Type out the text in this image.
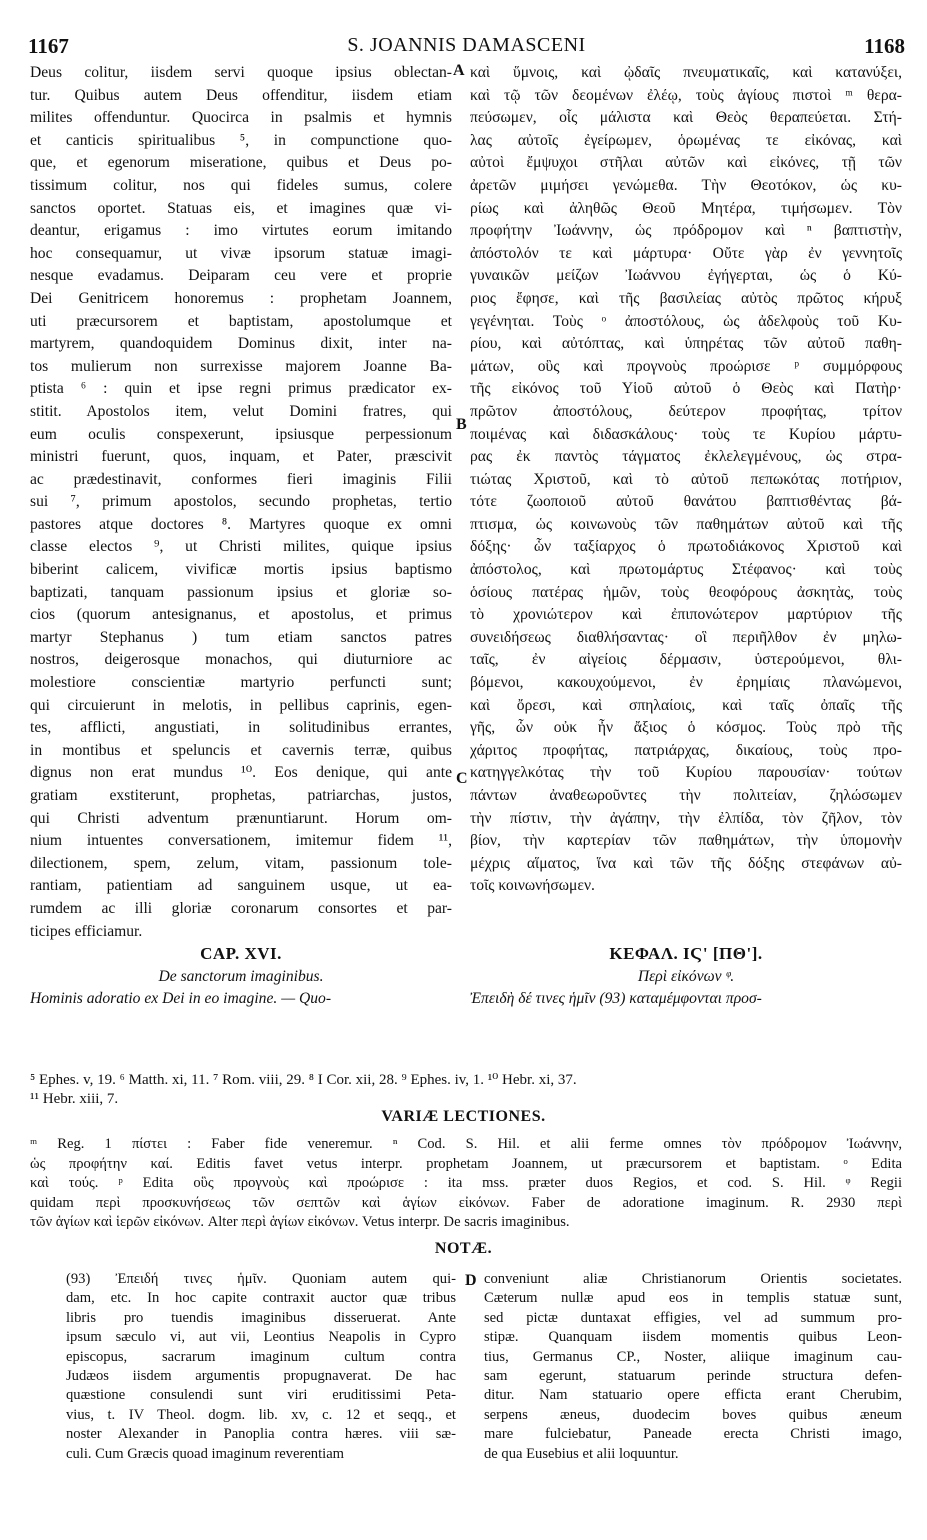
1167	S. JOANNIS DAMASCENI	1168
Deus colitur, iisdem servi quoque ipsius oblectan-
tur. Quibus autem Deus offenditur, iisdem etiam
milites offenduntur. Quocirca in psalmis et hymnis
et canticis spiritualibus ⁵, in compunctione quo-
que, et egenorum miseratione, quibus et Deus po-
tissimum colitur, nos qui fideles sumus, colere
sanctos oportet. Statuas eis, et imagines quæ vi-
deantur, erigamus : imo virtutes eorum imitando
hoc consequamur, ut vivæ ipsorum statuæ imagi-
nesque evadamus. Deiparam ceu vere et proprie
Dei Genitricem honoremus : prophetam Joannem,
uti præcursorem et baptistam, apostolumque et
martyrem, quandoquidem Dominus dixit, inter na-
tos mulierum non surrexisse majorem Joanne Ba-
ptista ⁶ : quin et ipse regni primus prædicator ex-
stitit. Apostolos item, velut Domini fratres, qui
eum oculis conspexerunt, ipsiusque perpessionum
ministri fuerunt, quos, inquam, et Pater, præscivit
ac prædestinavit, conformes fieri imaginis Filii
sui ⁷, primum apostolos, secundo prophetas, tertio
pastores atque doctores ⁸. Martyres quoque ex omni
classe electos ⁹, ut Christi milites, quique ipsius
biberint calicem, vivificæ mortis ipsius baptismo
baptizati, tanquam passionum ipsius et gloriæ so-
cios (quorum antesignanus, et apostolus, et primus
martyr Stephanus ) tum etiam sanctos patres
nostros, deigerosque monachos, qui diuturniore ac
molestiore conscientiæ martyrio perfuncti sunt;
qui circuierunt in melotis, in pellibus caprinis, egen-
tes, afflicti, angustiati, in solitudinibus errantes,
in montibus et speluncis et cavernis terræ, quibus
dignus non erat mundus ¹⁰. Eos denique, qui ante
gratiam exstiterunt, prophetas, patriarchas, justos,
qui Christi adventum prænuntiarunt. Horum om-
nium intuentes conversationem, imitemur fidem ¹¹,
dilectionem, spem, zelum, vitam, passionum tole-
rantiam, patientiam ad sanguinem usque, ut ea-
rumdem ac illi gloriæ coronarum consortes et par-
ticipes efficiamur.
CAP. XVI.
De sanctorum imaginibus.
Hominis adoratio ex Dei in eo imagine. — Quo-
καὶ ὕμνοις, καὶ ᾠδαῖς πνευματικαῖς, καὶ κατανύξει,
καὶ τῷ τῶν δεομένων ἐλέῳ, τοὺς ἁγίους πιστοὶ ᵐ θερα-
πεύσωμεν, οἷς μάλιστα καὶ Θεὸς θεραπεύεται. Στή-
λας αὐτοῖς ἐγείρωμεν, ὁρωμένας τε εἰκόνας, καὶ
αὐτοὶ ἔμψυχοι στῆλαι αὐτῶν καὶ εἰκόνες, τῇ τῶν
ἀρετῶν μιμήσει γενώμεθα. Τὴν Θεοτόκον, ὡς κυ-
ρίως καὶ ἀληθῶς Θεοῦ Μητέρα, τιμήσωμεν. Τὸν
προφήτην Ἰωάννην, ὡς πρόδρομον καὶ ⁿ βαπτιστὴν,
ἀπόστολόν τε καὶ μάρτυρα· Οὔτε γὰρ ἐν γεννητοῖς
γυναικῶν μείζων Ἰωάννου ἐγήγερται, ὡς ὁ Κύ-
ριος ἔφησε, καὶ τῆς βασιλείας αὐτὸς πρῶτος κήρυξ
γεγένηται. Τοὺς ᵒ ἀποστόλους, ὡς ἀδελφοὺς τοῦ Κυ-
ρίου, καὶ αὐτόπτας, καὶ ὑπηρέτας τῶν αὐτοῦ παθη-
μάτων, οὓς καὶ προγνοὺς προώρισε ᵖ συμμόρφους
τῆς εἰκόνος τοῦ Υἱοῦ αὐτοῦ ὁ Θεὸς καὶ Πατὴρ·
πρῶτον ἀποστόλους, δεύτερον προφήτας, τρίτον
ποιμένας καὶ διδασκάλους· τοὺς τε Κυρίου μάρτυ-
ρας ἐκ παντὸς τάγματος ἐκλελεγμένους, ὡς στρα-
τιώτας Χριστοῦ, καὶ τὸ αὐτοῦ πεπωκότας ποτήριον,
τότε ζωοποιοῦ αὐτοῦ θανάτου βαπτισθέντας βά-
πτισμα, ὡς κοινωνοὺς τῶν παθημάτων αὐτοῦ καὶ τῆς
δόξης· ὧν ταξίαρχος ὁ πρωτοδιάκονος Χριστοῦ καὶ
ἀπόστολος, καὶ πρωτομάρτυς Στέφανος· καὶ τοὺς
ὁσίους πατέρας ἡμῶν, τοὺς θεοφόρους ἀσκητὰς, τοὺς
τὸ χρονιώτερον καὶ ἐπιπονώτερον μαρτύριον τῆς
συνειδήσεως διαθλήσαντας· οἳ περιῆλθον ἐν μηλω-
ταῖς, ἐν αἰγείοις δέρμασιν, ὑστερούμενοι, θλι-
βόμενοι, κακουχούμενοι, ἐν ἐρημίαις πλανώμενοι,
καὶ ὄρεσι, καὶ σπηλαίοις, καὶ ταῖς ὀπαῖς τῆς
γῆς, ὧν οὐκ ἦν ἄξιος ὁ κόσμος. Τοὺς πρὸ τῆς
χάριτος προφήτας, πατριάρχας, δικαίους, τοὺς προ-
κατηγγελκότας τὴν τοῦ Κυρίου παρουσίαν· τούτων
πάντων ἀναθεωροῦντες τὴν πολιτείαν, ζηλώσωμεν
τὴν πίστιν, τὴν ἀγάπην, τὴν ἐλπίδα, τὸν ζῆλον, τὸν
βίον, τὴν καρτερίαν τῶν παθημάτων, τὴν ὑπομονὴν
μέχρις αἵματος, ἵνα καὶ τῶν τῆς δόξης στεφάνων αὐ-
τοῖς κοινωνήσωμεν.
ΚΕΦΑΛ. ΙϚ' [ΠΘ'].
Περὶ εἰκόνων ᵠ.
Ἐπειδὴ δέ τινες ἡμῖν (93) καταμέμφονται προσ-
A
B
C
D
⁵ Ephes. v, 19. ⁶ Matth. xi, 11. ⁷ Rom. viii, 29. ⁸ I Cor. xii, 28. ⁹ Ephes. iv, 1. ¹⁰ Hebr. xi, 37.
¹¹ Hebr. xiii, 7.
VARIÆ LECTIONES.
ᵐ Reg. 1 πίστει : Faber fide veneremur. ⁿ Cod. S. Hil. et alii ferme omnes τὸν πρόδρομον Ἰωάννην,
ὡς προφήτην καί. Editis favet vetus interpr. prophetam Joannem, ut præcursorem et baptistam. ᵒ Edita
καὶ τούς. ᵖ Edita οὓς προγνοὺς καὶ προώρισε : ita mss. præter duos Regios, et cod. S. Hil. ᵠ Regii
quidam περὶ προσκυνήσεως τῶν σεπτῶν καὶ ἁγίων εἰκόνων. Faber de adoratione imaginum. R. 2930 περὶ
τῶν ἁγίων καὶ ἱερῶν εἰκόνων. Alter περὶ ἁγίων εἰκόνων. Vetus interpr. De sacris imaginibus.
NOTÆ.
(93) Ἐπειδή τινες ἡμῖν. Quoniam autem qui-
dam, etc. In hoc capite contraxit auctor quæ tribus
libris pro tuendis imaginibus disseruerat. Ante
ipsum sæculo vi, aut vii, Leontius Neapolis in Cypro
episcopus, sacrarum imaginum cultum contra
Judæos iisdem argumentis propugnaverat. De hac
quæstione consulendi sunt viri eruditissimi Peta-
vius, t. IV Theol. dogm. lib. xv, c. 12 et seqq., et
noster Alexander in Panoplia contra hæres. viii sæ-
culi. Cum Græcis quoad imaginum reverentiam
conveniunt aliæ Christianorum Orientis societates.
Cæterum nullæ apud eos in templis statuæ sunt,
sed pictæ duntaxat effigies, vel ad summum pro-
stipæ. Quanquam iisdem momentis quibus Leon-
tius, Germanus CP., Noster, aliique imaginum cau-
sam egerunt, statuarum perinde structura defen-
ditur. Nam statuario opere efficta erant Cherubim,
serpens æneus, duodecim boves quibus æneum
mare fulciebatur, Paneade erecta Christi imago,
de qua Eusebius et alii loquuntur.
